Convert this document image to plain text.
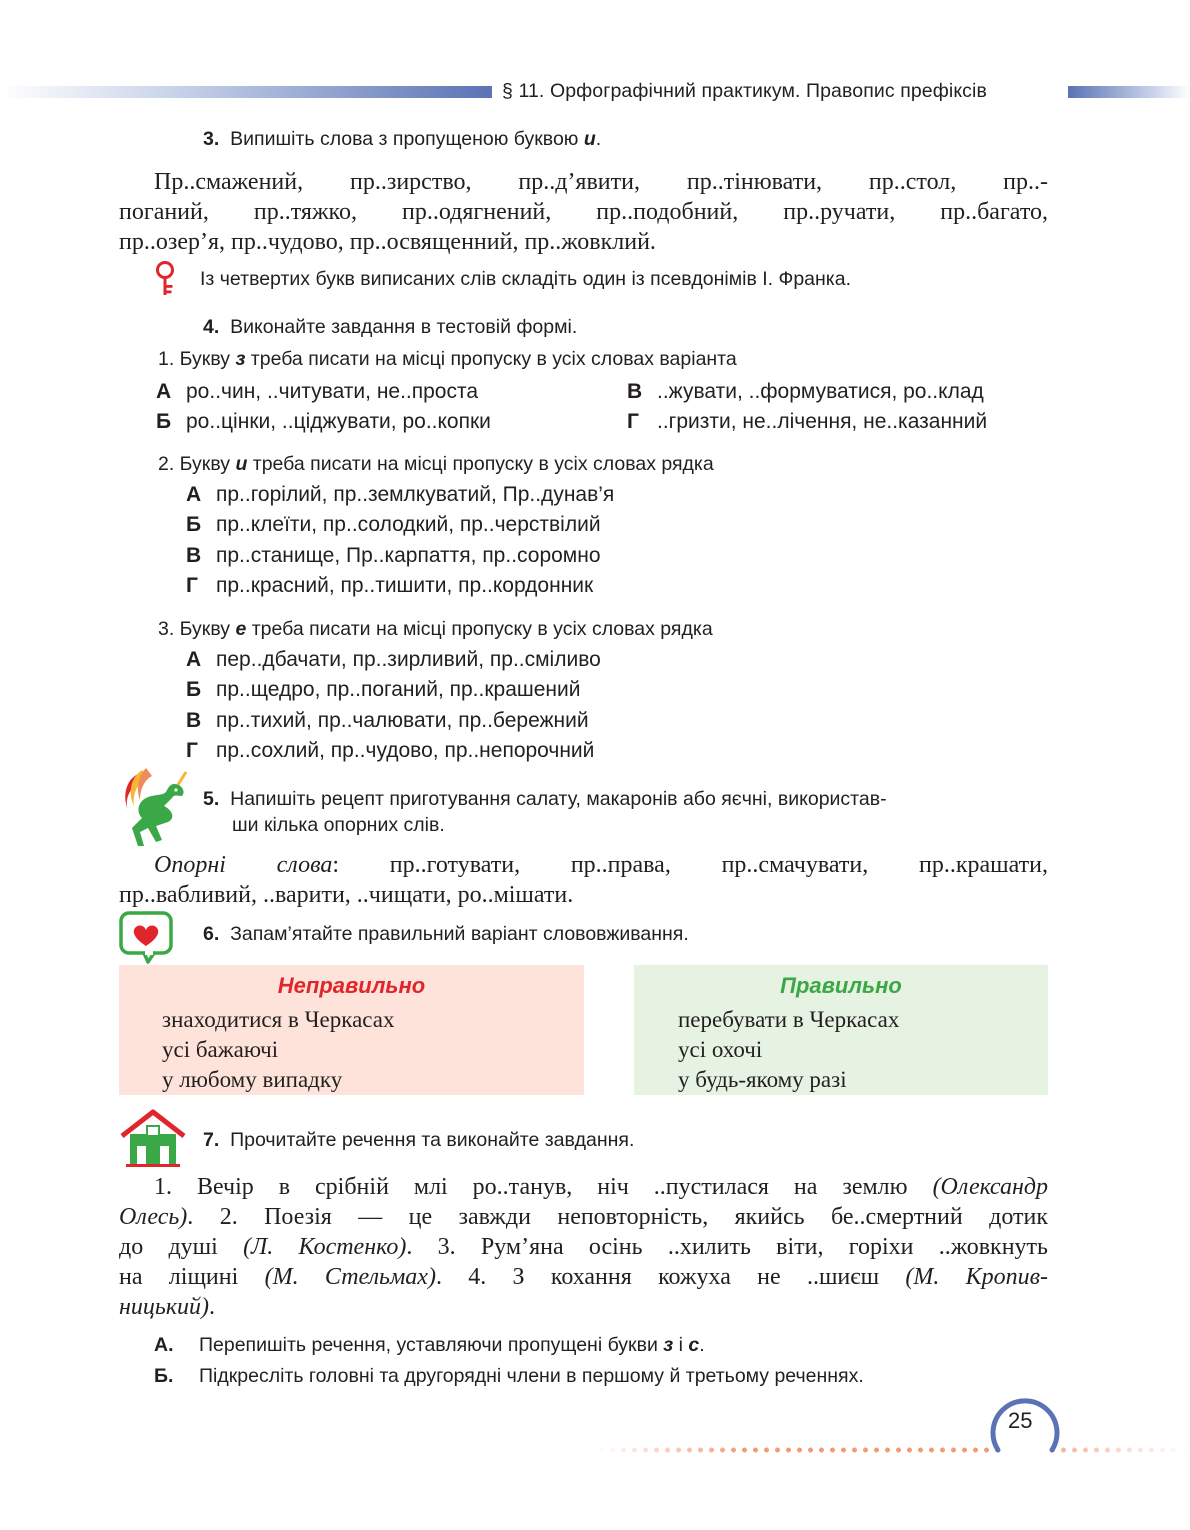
§ 11. Орфографічний практикум. Правопис префіксів
3. Випишіть слова з пропущеною буквою и.
Пр..смажений, пр..зирство, пр..д’явити, пр..тінювати, пр..стол, пр..-
поганий, пр..тяжко, пр..одягнений, пр..подобний, пр..ручати, пр..багато,
пр..озер’я, пр..чудово, пр..освященний, пр..жовклий.
Із четвертих букв виписаних слів складіть один із псевдонімів І. Франка.
4. Виконайте завдання в тестовій формі.
1. Букву з треба писати на місці пропуску в усіх словах варіанта
А ро..чин, ..читувати, не..проста	В ..жувати, ..формуватися, ро..клад
Б ро..цінки, ..ціджувати, ро..копки	Г ..гризти, не..лічення, не..казанний
2. Букву и треба писати на місці пропуску в усіх словах рядка
А пр..горілий, пр..землкуватий, Пр..дунав’я
Б пр..клеїти, пр..солодкий, пр..черствілий
В пр..станище, Пр..карпаття, пр..соромно
Г пр..красний, пр..тишити, пр..кордонник
3. Букву е треба писати на місці пропуску в усіх словах рядка
А пер..дбачати, пр..зирливий, пр..сміливо
Б пр..щедро, пр..поганий, пр..крашений
В пр..тихий, пр..чалювати, пр..бережний
Г пр..сохлий, пр..чудово, пр..непорочний
5. Напишіть рецепт приготування салату, макаронів або яєчні, використав-
ши кілька опорних слів.
Опорні слова: пр..готувати, пр..права, пр..смачувати, пр..крашати,
пр..вабливий, ..варити, ..чищати, ро..мішати.
6. Запам’ятайте правильний варіант слововживання.
Неправильно
знаходитися в Черкасах
усі бажаючі
у любому випадку
Правильно
перебувати в Черкасах
усі охочі
у будь-якому разі
7. Прочитайте речення та виконайте завдання.
1. Вечір в срібній млі ро..танув, ніч ..пустилася на землю (Олександр
Олесь). 2. Поезія — це завжди неповторність, якийсь бе..смертний дотик
до душі (Л. Костенко). 3. Рум’яна осінь ..хилить віти, горіхи ..жовкнуть
на ліщині (М. Стельмах). 4. З кохання кожуха не ..шиєш (М. Кропив-
ницький).
А. Перепишіть речення, уставляючи пропущені букви з і с.
Б. Підкресліть головні та другорядні члени в першому й третьому реченнях.
25
